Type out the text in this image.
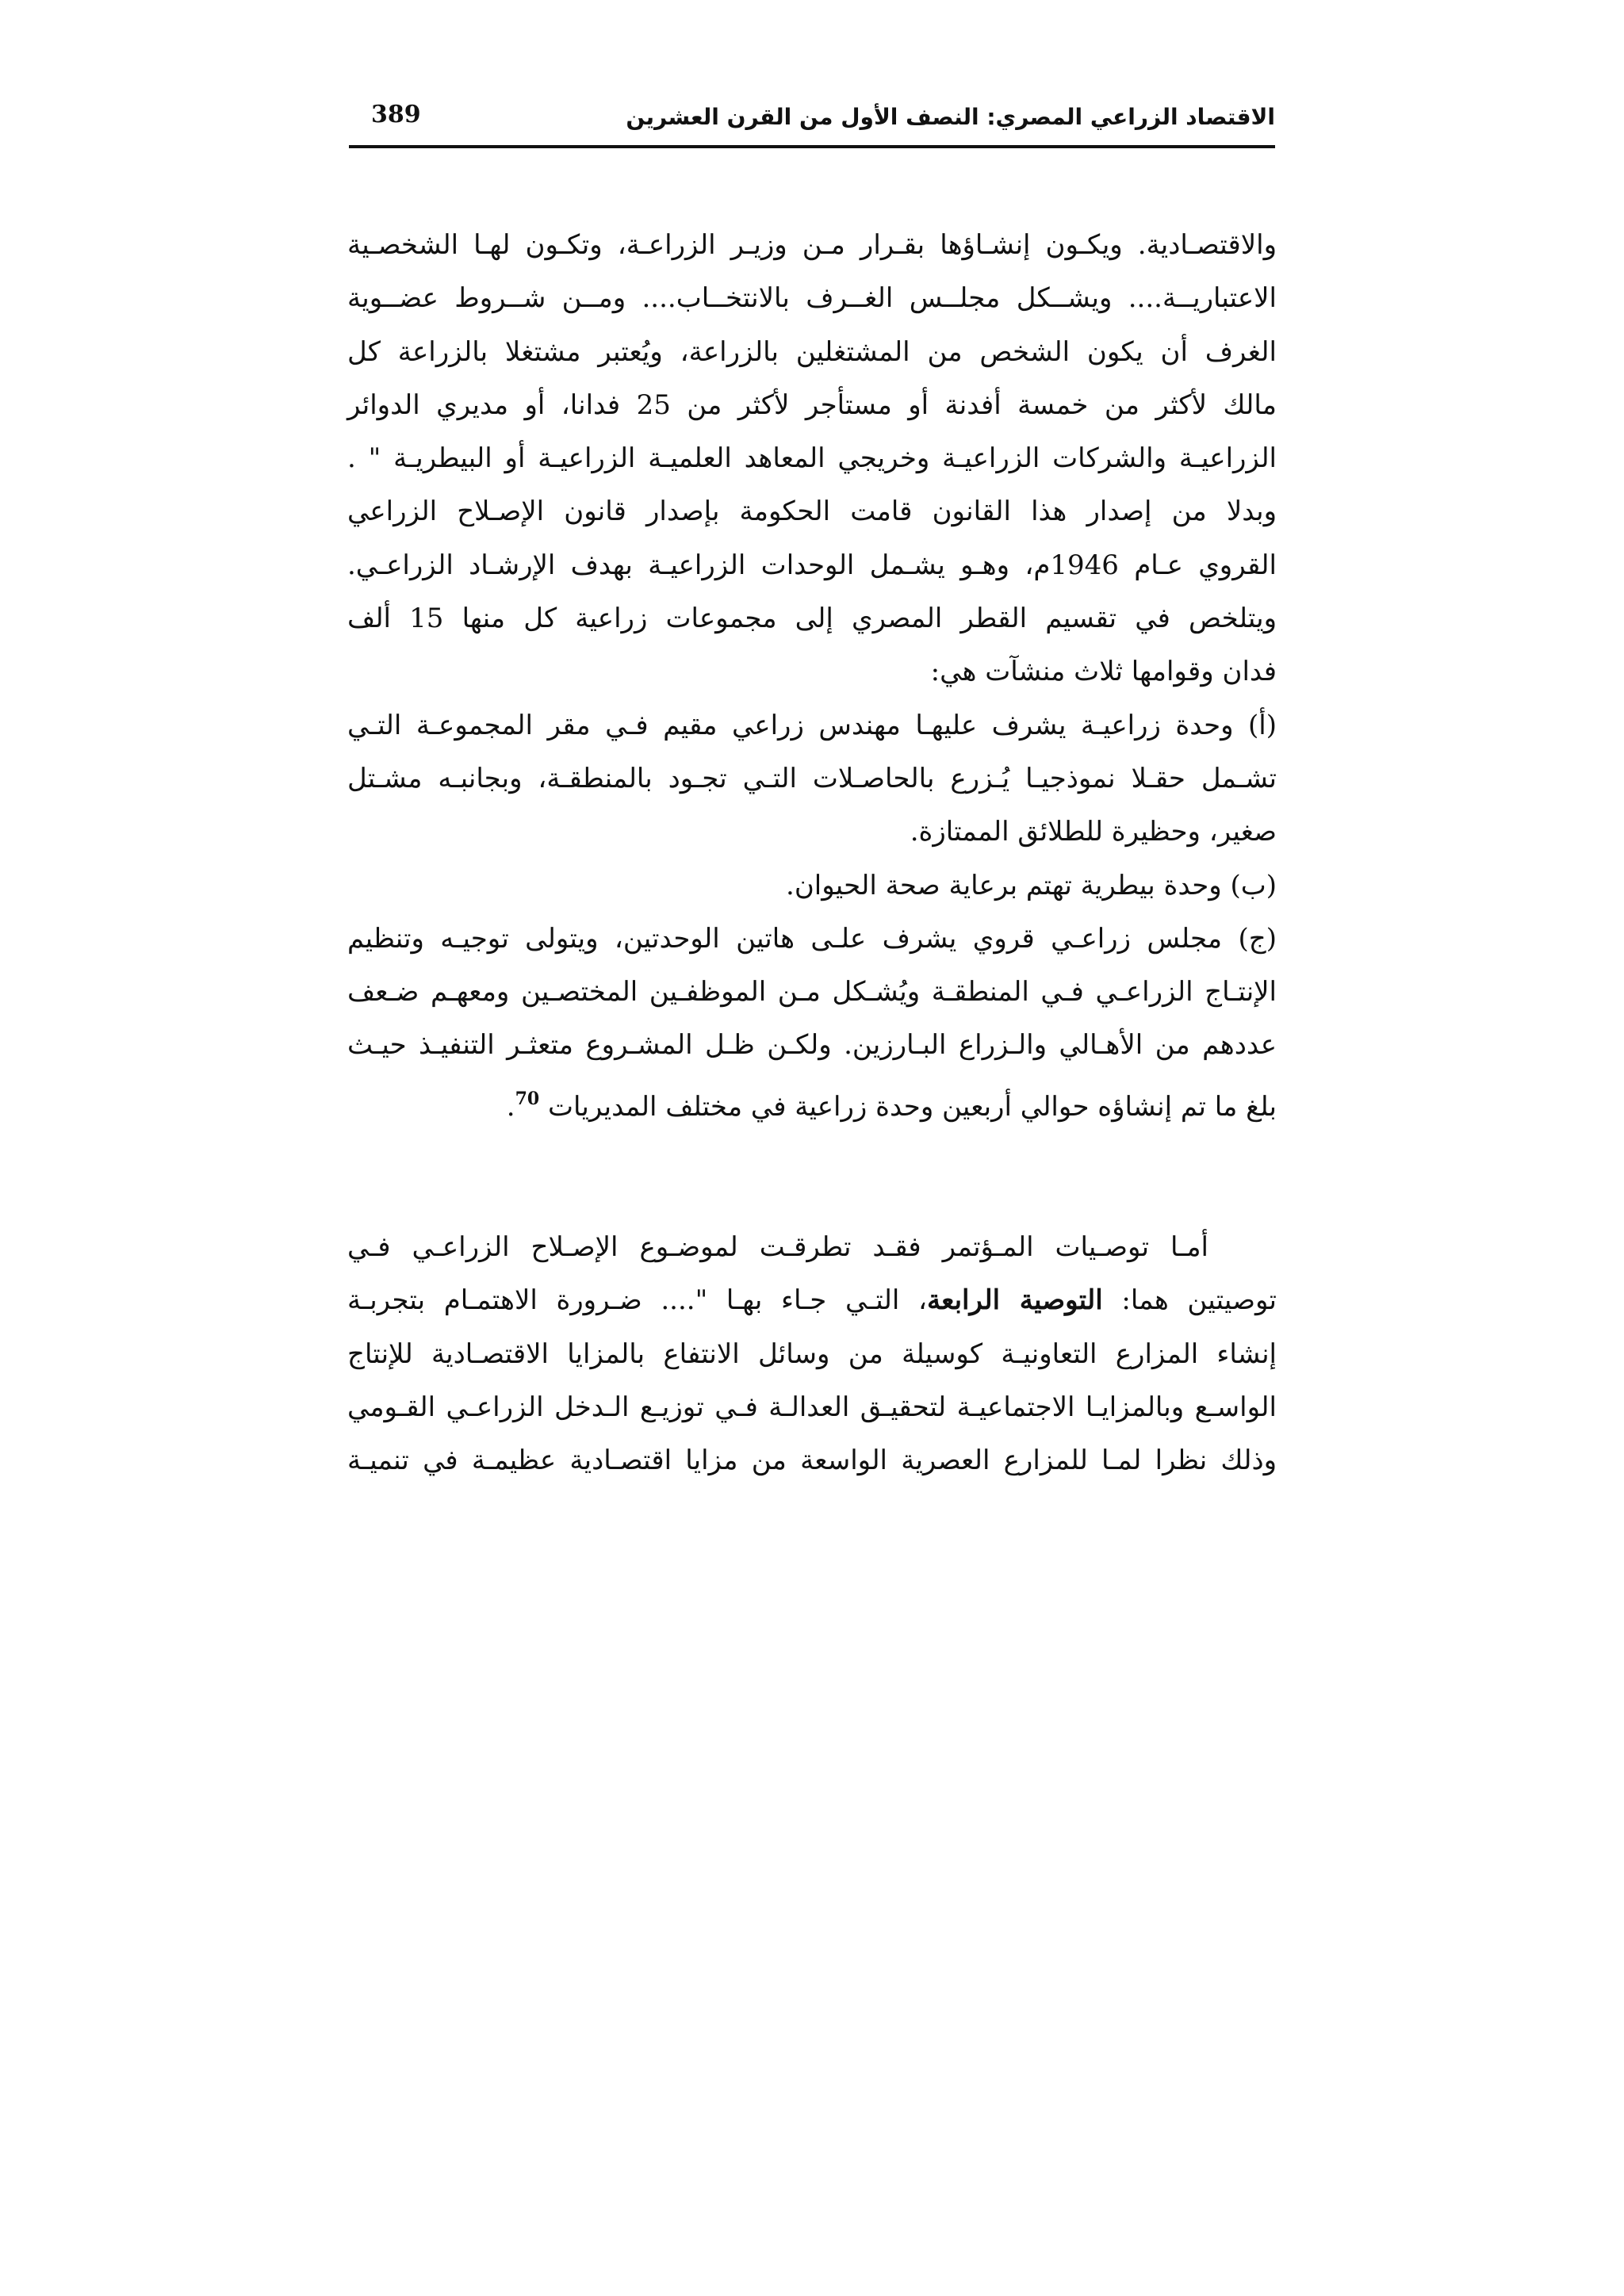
الاقتصاد الزراعي المصري: النصف الأول من القرن العشرين
389
والاقتصـادية. ويكـون إنشـاؤها بقـرار مـن وزيـر الزراعـة، وتكـون لهـا الشخصـية
الاعتباريــة.... ويشــكل مجلــس الغــرف بالانتخــاب.... ومــن شــروط عضــوية
الغرف أن يكون الشخص من المشتغلين بالزراعة، ويُعتبر مشتغلا بالزراعة كل
مالك لأكثر من خمسة أفدنة أو مستأجر لأكثر من 25 فدانا، أو مديري الدوائر
الزراعيـة والشركات الزراعيـة وخريجي المعاهد العلميـة الزراعيـة أو البيطريـة " .
وبدلا من إصدار هذا القانون قامت الحكومة بإصدار قانون الإصـلاح الزراعي
القروي عـام 1946م، وهـو يشـمل الوحدات الزراعيـة بهدف الإرشـاد الزراعـي.
ويتلخص في تقسيم القطر المصري إلى مجموعات زراعية كل منها 15 ألف
فدان وقوامها ثلاث منشآت هي:
(أ) وحدة زراعيـة يشرف عليهـا مهندس زراعي مقيم فـي مقر المجموعـة التـي
تشـمل حقـلا نموذجيـا يُـزرع بالحاصـلات التـي تجـود بالمنطقـة، وبجانبـه مشـتل
صغير، وحظيرة للطلائق الممتازة.
(ب) وحدة بيطرية تهتم برعاية صحة الحيوان.
(ج) مجلس زراعـي قروي يشرف علـى هاتين الوحدتين، ويتولى توجيـه وتنظيم
الإنتـاج الزراعـي فـي المنطقـة ويُشـكل مـن الموظفـين المختصـين ومعهـم ضـعف
عددهم من الأهـالي والـزراع البـارزين. ولكـن ظـل المشـروع متعثـر التنفيـذ حيـث
بلغ ما تم إنشاؤه حوالي أربعين وحدة زراعية في مختلف المديريات $^{70}$.
أمـا توصـيات المـؤتمر فقـد تطرقـت لموضـوع الإصـلاح الزراعـي فـي
توصيتين هما: التوصية الرابعة، التـي جـاء بهـا ".... ضـرورة الاهتمـام بتجربـة
إنشاء المزارع التعاونيـة كوسيلة من وسائل الانتفاع بالمزايا الاقتصـادية للإنتاج
الواسـع وبالمزايـا الاجتماعيـة لتحقيـق العدالـة فـي توزيـع الـدخل الزراعـي القـومي
وذلك نظرا لمـا للمزارع العصرية الواسعة من مزايا اقتصـادية عظيمـة في تنميـة
